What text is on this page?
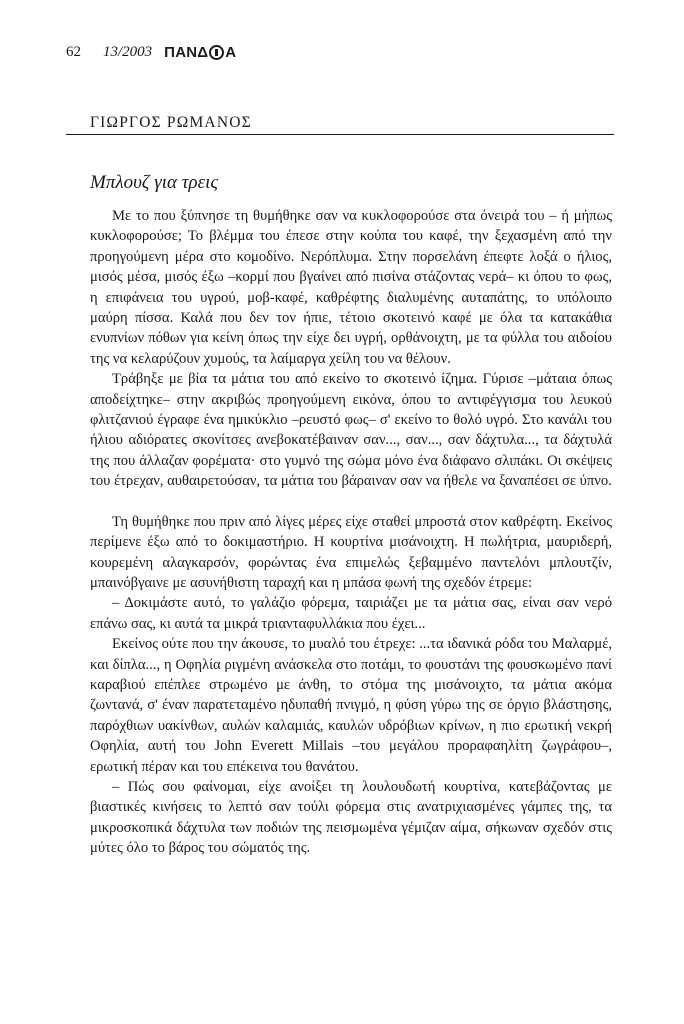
62 13/2003 ΠΑΝΔ Α
ΓΙΩΡΓΟΣ ΡΩΜΑΝΟΣ
Μπλουζ για τρεις

Με το που ξύπνησε τη θυμήθηκε σαν να κυκλοφορούσε στα όνειρά του – ή μήπως κυκλοφορούσε; Το βλέμμα του έπεσε στην κούπα του καφέ, την ξεχασμένη από την προηγούμενη μέρα στο κομοδίνο. Νερόπλυμα. Στην πορσελάνη έπεφτε λοξά ο ήλιος, μισός μέσα, μισός έξω –κορμί που βγαίνει από πισίνα στάζοντας νερά– κι όπου το φως, η επιφάνεια του υγρού, μοβ-καφέ, καθρέφτης διαλυμένης αυταπάτης, το υπόλοιπο μαύρη πίσσα. Καλά που δεν τον ήπιε, τέτοιο σκοτεινό καφέ με όλα τα κατακάθια ενυπνίων πόθων για κείνη όπως την είχε δει υγρή, ορθάνοιχτη, με τα φύλλα του αιδοίου της να κελαρύζουν χυμούς, τα λαίμαργα χείλη του να θέλουν.

Τράβηξε με βία τα μάτια του από εκείνο το σκοτεινό ίζημα. Γύρισε –μάταια όπως αποδείχτηκε– στην ακριβώς προηγούμενη εικόνα, όπου το αντιφέγγισμα του λευκού φλιτζανιού έγραφε ένα ημικύκλιο –ρευστό φως– σ' εκείνο το θολό υγρό. Στο κανάλι του ήλιου αδιόρατες σκονίτσες ανεβοκατέβαιναν σαν..., σαν..., σαν δάχτυλα..., τα δάχτυλά της που άλλαζαν φορέματα· στο γυμνό της σώμα μόνο ένα διάφανο σλιπάκι. Οι σκέψεις του έτρεχαν, αυθαιρετούσαν, τα μάτια του βάραιναν σαν να ήθελε να ξαναπέσει σε ύπνο.

Τη θυμήθηκε που πριν από λίγες μέρες είχε σταθεί μπροστά στον καθρέφτη. Εκείνος περίμενε έξω από το δοκιμαστήριο. Η κουρτίνα μισάνοιχτη. Η πωλήτρια, μαυριδερή, κουρεμένη αλαγκαρσόν, φορώντας ένα επιμελώς ξεβαμμένο παντελόνι μπλουτζίν, μπαινόβγαινε με ασυνήθιστη ταραχή και η μπάσα φωνή της σχεδόν έτρεμε:

– Δοκιμάστε αυτό, το γαλάζιο φόρεμα, ταιριάζει με τα μάτια σας, είναι σαν νερό επάνω σας, κι αυτά τα μικρά τριανταφυλλάκια που έχει...

Εκείνος ούτε που την άκουσε, το μυαλό του έτρεχε: ...τα ιδανικά ρόδα του Μαλαρμέ, και δίπλα..., η Οφηλία ριγμένη ανάσκελα στο ποτάμι, το φουστάνι της φουσκωμένο πανί καραβιού επέπλεε στρωμένο με άνθη, το στόμα της μισάνοιχτο, τα μάτια ακόμα ζωντανά, σ' έναν παρατεταμένο ηδυπαθή πνιγμό, η φύση γύρω της σε όργιο βλάστησης, παρόχθιων υακίνθων, αυλών καλαμιάς, καυλών υδρόβιων κρίνων, η πιο ερωτική νεκρή Οφηλία, αυτή του John Everett Millais –του μεγάλου προραφαηλίτη ζωγράφου–, ερωτική πέραν και του επέκεινα του θανάτου.

– Πώς σου φαίνομαι, είχε ανοίξει τη λουλουδωτή κουρτίνα, κατεβάζοντας με βιαστικές κινήσεις το λεπτό σαν τούλι φόρεμα στις ανατριχιασμένες γάμπες της, τα μικροσκοπικά δάχτυλα των ποδιών της πεισμωμένα γέμιζαν αίμα, σήκωναν σχεδόν στις μύτες όλο το βάρος του σώματός της.
